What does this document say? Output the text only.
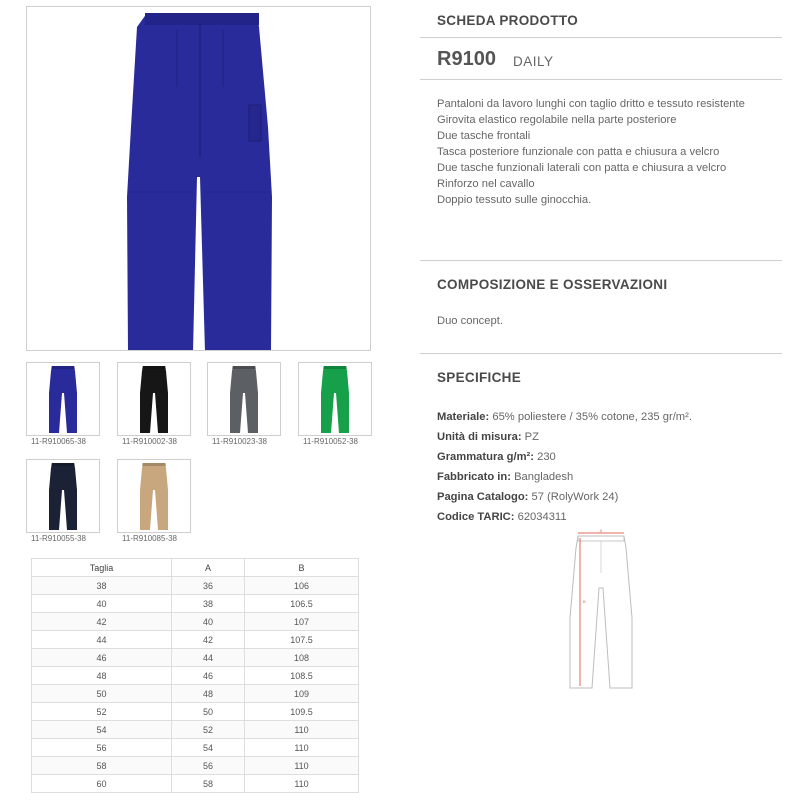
11-R910065-38	11-R910002-38	11-R910023-38	11-R910052-38
11-R910055-38	11-R910085-38
Taglia	A	B
38	36	106
40	38	106.5
42	40	107
44	42	107.5
46	44	108
48	46	108.5
50	48	109
52	50	109.5
54	52	110
56	54	110
58	56	110
60	58	110
SCHEDA PRODOTTO
R9100 DAILY
Pantaloni da lavoro lunghi con taglio dritto e tessuto resistente
Girovita elastico regolabile nella parte posteriore
Due tasche frontali
Tasca posteriore funzionale con patta e chiusura a velcro
Due tasche funzionali laterali con patta e chiusura a velcro
Rinforzo nel cavallo
Doppio tessuto sulle ginocchia.
COMPOSIZIONE E OSSERVAZIONI
Duo concept.
SPECIFICHE
Materiale: 65% poliestere / 35% cotone, 235 gr/m².
Unità di misura: PZ
Grammatura g/m²: 230
Fabbricato in: Bangladesh
Pagina Catalogo: 57 (RolyWork 24)
Codice TARIC: 62034311
A
B
